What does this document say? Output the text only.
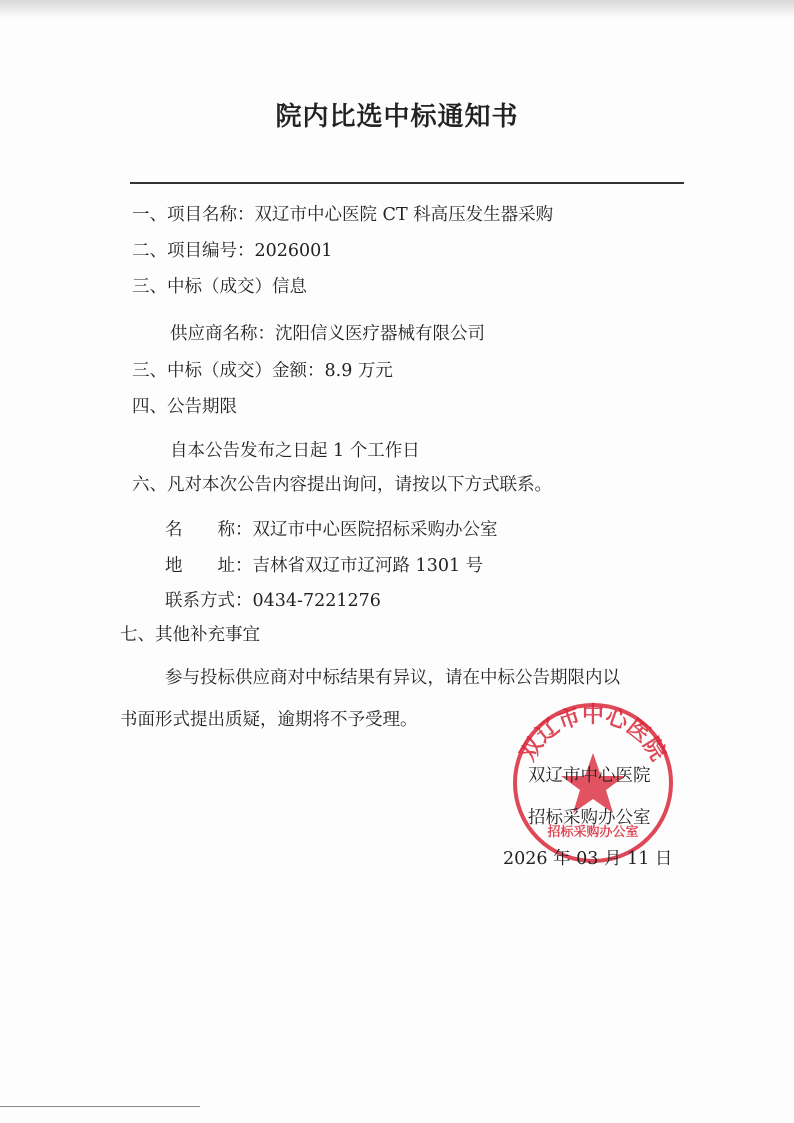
院内比选中标通知书
一、项目名称：双辽市中心医院 CT 科高压发生器采购
二、项目编号：2026001
三、中标（成交）信息
供应商名称：沈阳信义医疗器械有限公司
三、中标（成交）金额：8.9 万元
四、公告期限
自本公告发布之日起 1 个工作日
六、凡对本次公告内容提出询问，请按以下方式联系。
名　　称：双辽市中心医院招标采购办公室
地　　址：吉林省双辽市辽河路 1301 号
联系方式：0434-7221276
七、其他补充事宜
参与投标供应商对中标结果有异议，请在中标公告期限内以
书面形式提出质疑，逾期将不予受理。
双辽市中心医院
招标采购办公室
双辽市中心医院
招标采购办公室
2026 年 03 月 11 日
